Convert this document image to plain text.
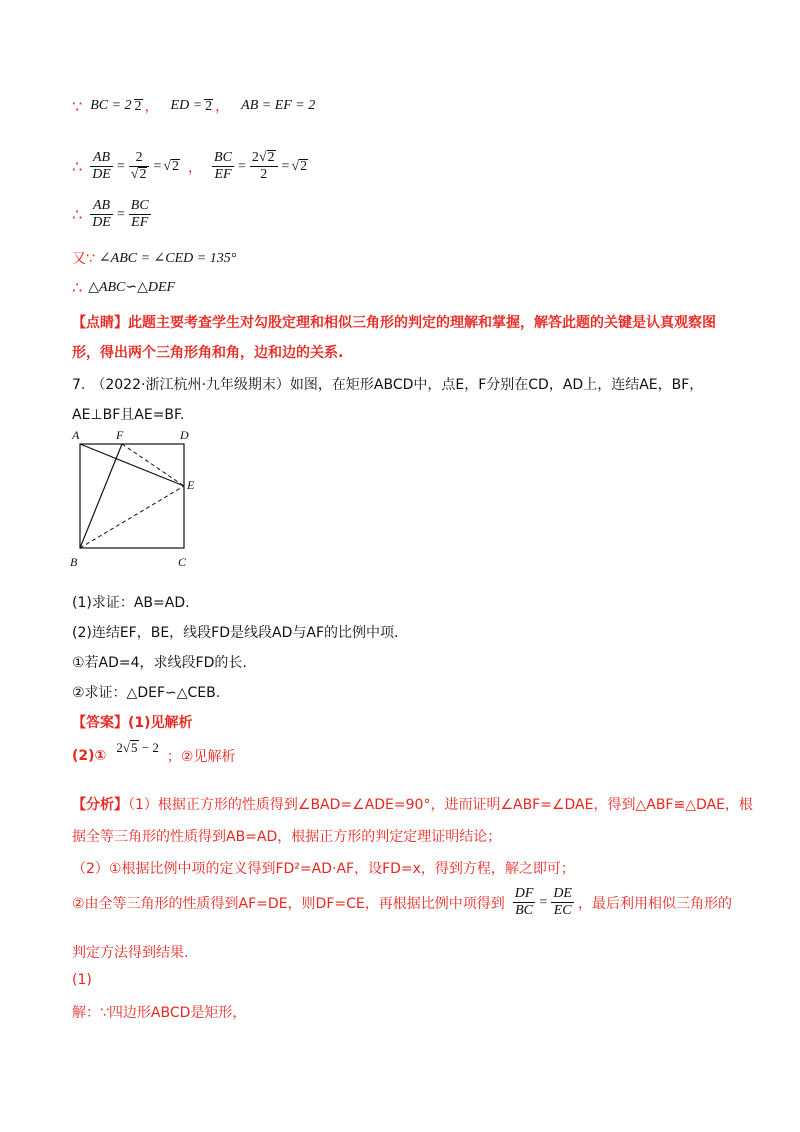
∵ BC = 2 2 ， ED = 2 ， AB = EF = 2
∴ $\frac{AB}{DE} = \frac{2}{√2} = √2$ ， $\frac{BC}{EF} = \frac{2√2}{2} = √2$
∴ $\frac{AB}{DE} = \frac{BC}{EF}$
又∵ ∠ABC = ∠CED = 135°
∴ △ABC∽△DEF
【点睛】此题主要考查学生对勾股定理和相似三角形的判定的理解和掌握，解答此题的关键是认真观察图
形，得出两个三角形角和角，边和边的关系.
7. （2022·浙江杭州·九年级期末）如图，在矩形ABCD中，点E，F分别在CD，AD上，连结AE，BF，
AE⊥BF且AE=BF.
A	F	D
E
B	C
(1)求证：AB=AD.
(2)连结EF，BE，线段FD是线段AD与AF的比例中项.
①若AD=4，求线段FD的长.
②求证：△DEF∽△CEB.
【答案】(1)见解析
(2)①
2√5 − 2
；②见解析
【分析】（1）根据正方形的性质得到∠BAD=∠ADE=90°，进而证明∠ABF=∠DAE，得到△ABF≌△DAE，根
据全等三角形的性质得到AB=AD，根据正方形的判定定理证明结论；
（2）①根据比例中项的定义得到FD²=AD·AF，设FD=x，得到方程，解之即可；
②由全等三角形的性质得到AF=DE，则DF=CE，再根据比例中项得到 $\frac{DF}{BC} = \frac{DE}{EC}$ ，最后利用相似三角形的
判定方法得到结果.
(1)
解：∵四边形ABCD是矩形，
